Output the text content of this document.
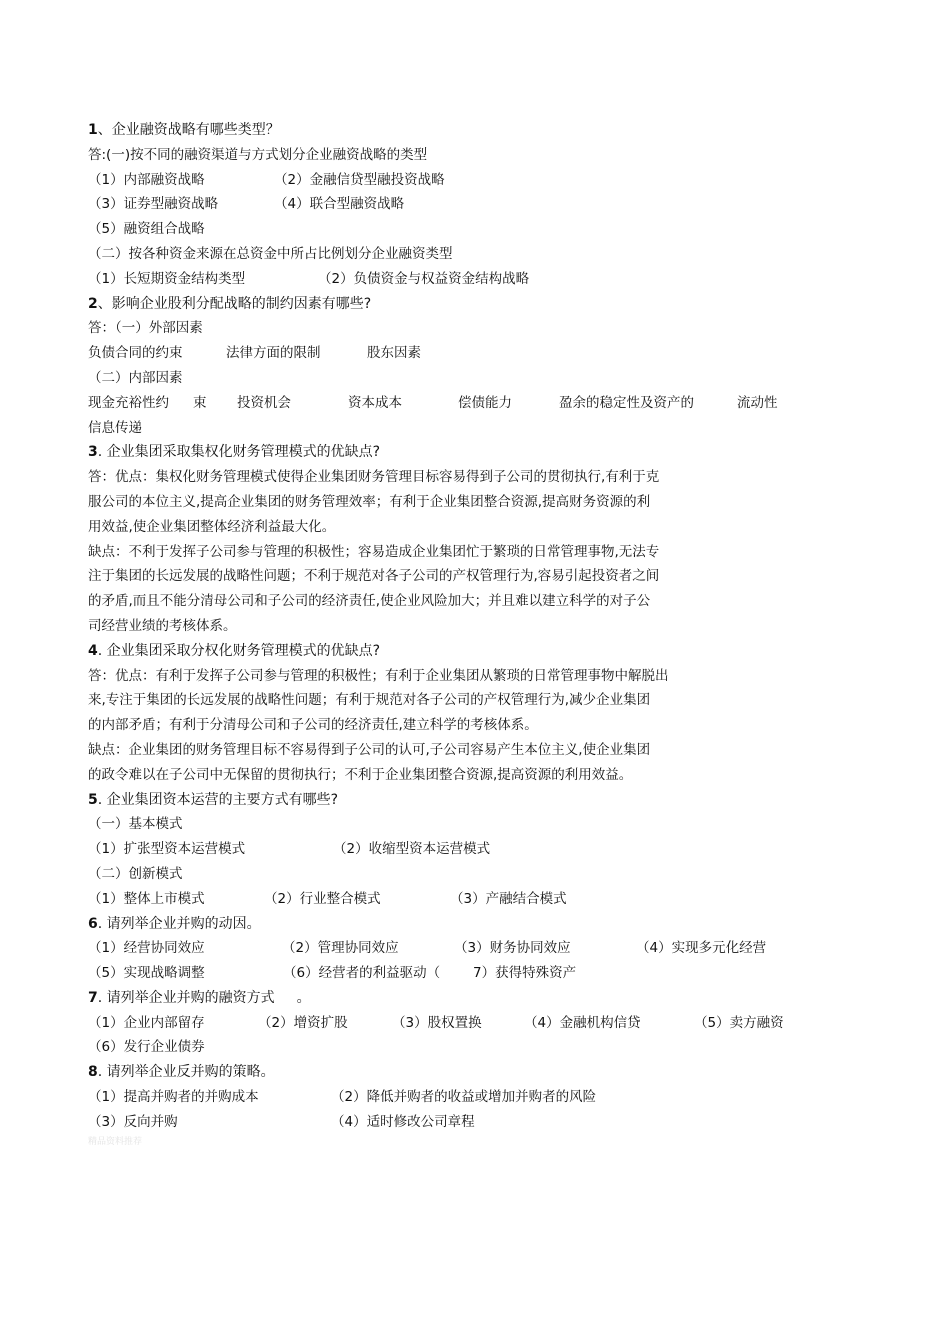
1、企业融资战略有哪些类型？
答:(一)按不同的融资渠道与方式划分企业融资战略的类型
（1）内部融资战略	（2）金融信贷型融投资战略
（3）证券型融资战略	（4）联合型融资战略
（5）融资组合战略
（二）按各种资金来源在总资金中所占比例划分企业融资类型
（1）长短期资金结构类型	（2）负债资金与权益资金结构战略
2、影响企业股利分配战略的制约因素有哪些?
答：（一）外部因素
负债合同的约束	法律方面的限制	股东因素
（二）内部因素
现金充裕性约 束 投资机会	资本成本	偿债能力	盈余的稳定性及资产的	流动性
信息传递
3. 企业集团采取集权化财务管理模式的优缺点?
答：优点：集权化财务管理模式使得企业集团财务管理目标容易得到子公司的贯彻执行,有利于克
服公司的本位主义,提高企业集团的财务管理效率；有利于企业集团整合资源,提高财务资源的利
用效益,使企业集团整体经济利益最大化。
缺点：不利于发挥子公司参与管理的积极性；容易造成企业集团忙于繁琐的日常管理事物,无法专
注于集团的长远发展的战略性问题；不利于规范对各子公司的产权管理行为,容易引起投资者之间
的矛盾,而且不能分清母公司和子公司的经济责任,使企业风险加大；并且难以建立科学的对子公
司经营业绩的考核体系。
4. 企业集团采取分权化财务管理模式的优缺点?
答：优点：有利于发挥子公司参与管理的积极性；有利于企业集团从繁琐的日常管理事物中解脱出
来,专注于集团的长远发展的战略性问题；有利于规范对各子公司的产权管理行为,减少企业集团
的内部矛盾；有利于分清母公司和子公司的经济责任,建立科学的考核体系。
缺点：企业集团的财务管理目标不容易得到子公司的认可,子公司容易产生本位主义,使企业集团
的政令难以在子公司中无保留的贯彻执行；不利于企业集团整合资源,提高资源的利用效益。
5. 企业集团资本运营的主要方式有哪些?
（一）基本模式
（1）扩张型资本运营模式	（2）收缩型资本运营模式
（二）创新模式
（1）整体上市模式	（2）行业整合模式	（3）产融结合模式
6. 请列举企业并购的动因。
（1）经营协同效应	（2）管理协同效应	（3）财务协同效应	（4）实现多元化经营
（5）实现战略调整	（6）经营者的利益驱动（ 7）获得特殊资产
7. 请列举企业并购的融资方式 。
（1）企业内部留存	（2）增资扩股	（3）股权置换	（4）金融机构信贷	（5）卖方融资
（6）发行企业债券
8. 请列举企业反并购的策略。
（1）提高并购者的并购成本	（2）降低并购者的收益或增加并购者的风险
（3）反向并购	（4）适时修改公司章程
精品资料推荐
